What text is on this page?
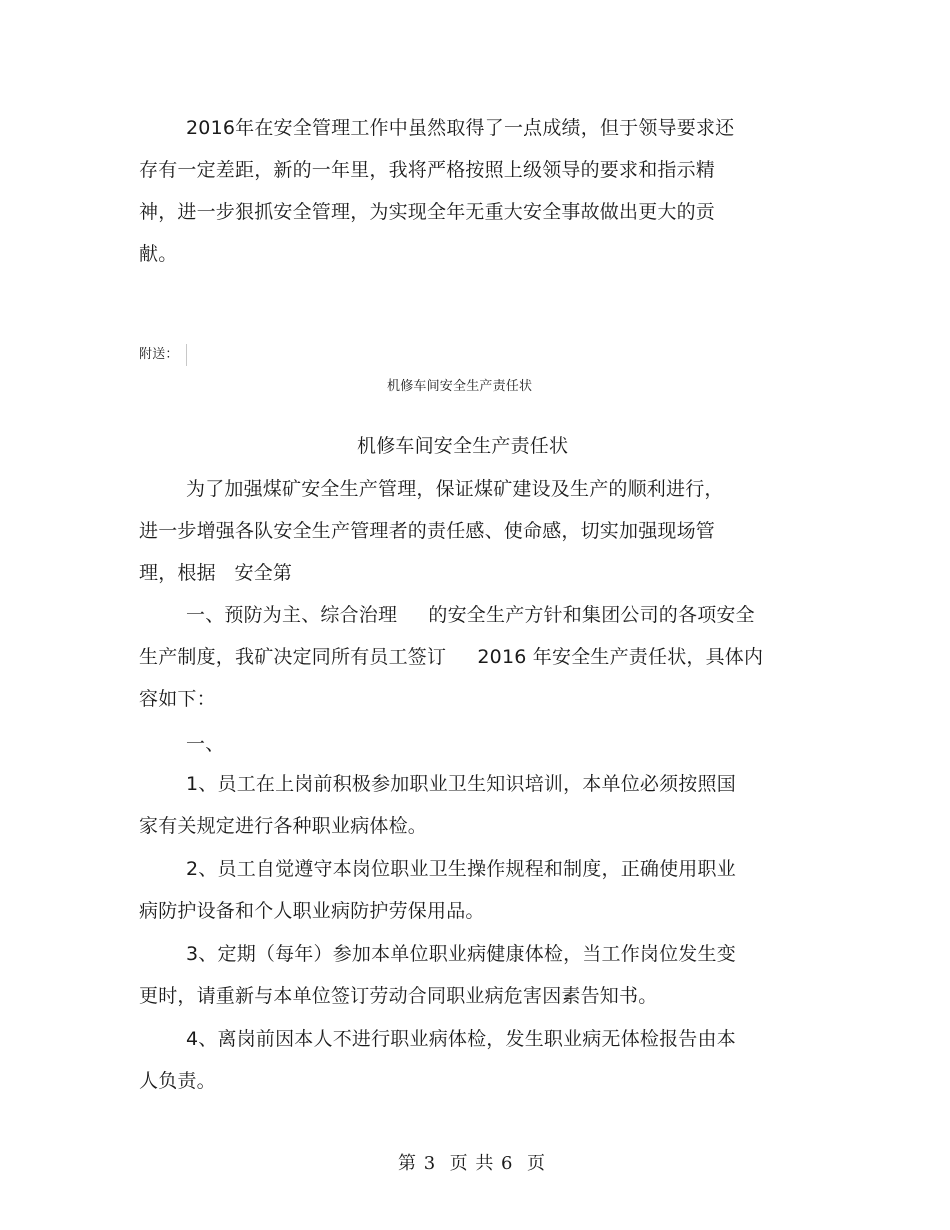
2016年在安全管理工作中虽然取得了一点成绩，但于领导要求还
存有一定差距，新的一年里，我将严格按照上级领导的要求和指示精
神，进一步狠抓安全管理，为实现全年无重大安全事故做出更大的贡
献。
附送：
机修车间安全生产责任状
机修车间安全生产责任状
为了加强煤矿安全生产管理，保证煤矿建设及生产的顺利进行，
进一步增强各队安全生产管理者的责任感、使命感，切实加强现场管
理，根据   安全第
一、预防为主、综合治理     的安全生产方针和集团公司的各项安全
生产制度，我矿决定同所有员工签订     2016 年安全生产责任状，具体内
容如下：
一、
1、员工在上岗前积极参加职业卫生知识培训，本单位必须按照国
家有关规定进行各种职业病体检。
2、员工自觉遵守本岗位职业卫生操作规程和制度，正确使用职业
病防护设备和个人职业病防护劳保用品。
3、定期（每年）参加本单位职业病健康体检，当工作岗位发生变
更时，请重新与本单位签订劳动合同职业病危害因素告知书。
4、离岗前因本人不进行职业病体检，发生职业病无体检报告由本
人负责。
第 3  页 共 6  页
